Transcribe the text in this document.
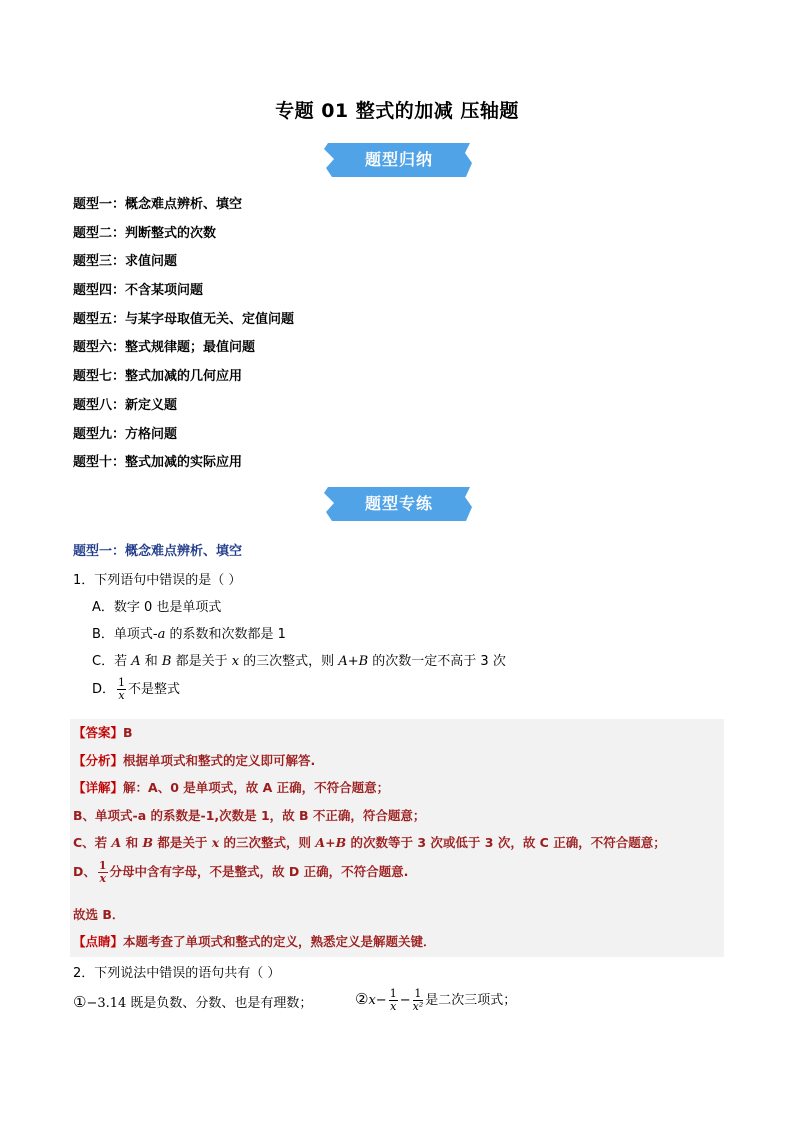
专题 01 整式的加减 压轴题
题型归纳
题型一：概念难点辨析、填空
题型二：判断整式的次数
题型三：求值问题
题型四：不含某项问题
题型五：与某字母取值无关、定值问题
题型六：整式规律题；最值问题
题型七：整式加减的几何应用
题型八：新定义题
题型九：方格问题
题型十：整式加减的实际应用
题型专练
题型一：概念难点辨析、填空
1．下列语句中错误的是（ ）
A．数字 0 也是单项式
B．单项式-a 的系数和次数都是 1
C．若 A 和 B 都是关于 x 的三次整式，则 A+B 的次数一定不高于 3 次
D． $\frac{1}{x}$ 不是整式
【答案】B
【分析】根据单项式和整式的定义即可解答.
【详解】解：A、0 是单项式，故 A 正确，不符合题意；
B、单项式-a 的系数是-1,次数是 1，故 B 不正确，符合题意；
C、若 A 和 B 都是关于 x 的三次整式，则 A+B 的次数等于 3 次或低于 3 次，故 C 正确，不符合题意；
D、 $\frac{1}{x}$ 分母中含有字母，不是整式，故 D 正确，不符合题意.
故选 B．
【点睛】本题考查了单项式和整式的定义，熟悉定义是解题关键．
2．下列说法中错误的语句共有（ ）
①−3.14 既是负数、分数、也是有理数；	②x− $\frac{1}{x} - \frac{1}{\text{x²}}$ 是二次三项式；
